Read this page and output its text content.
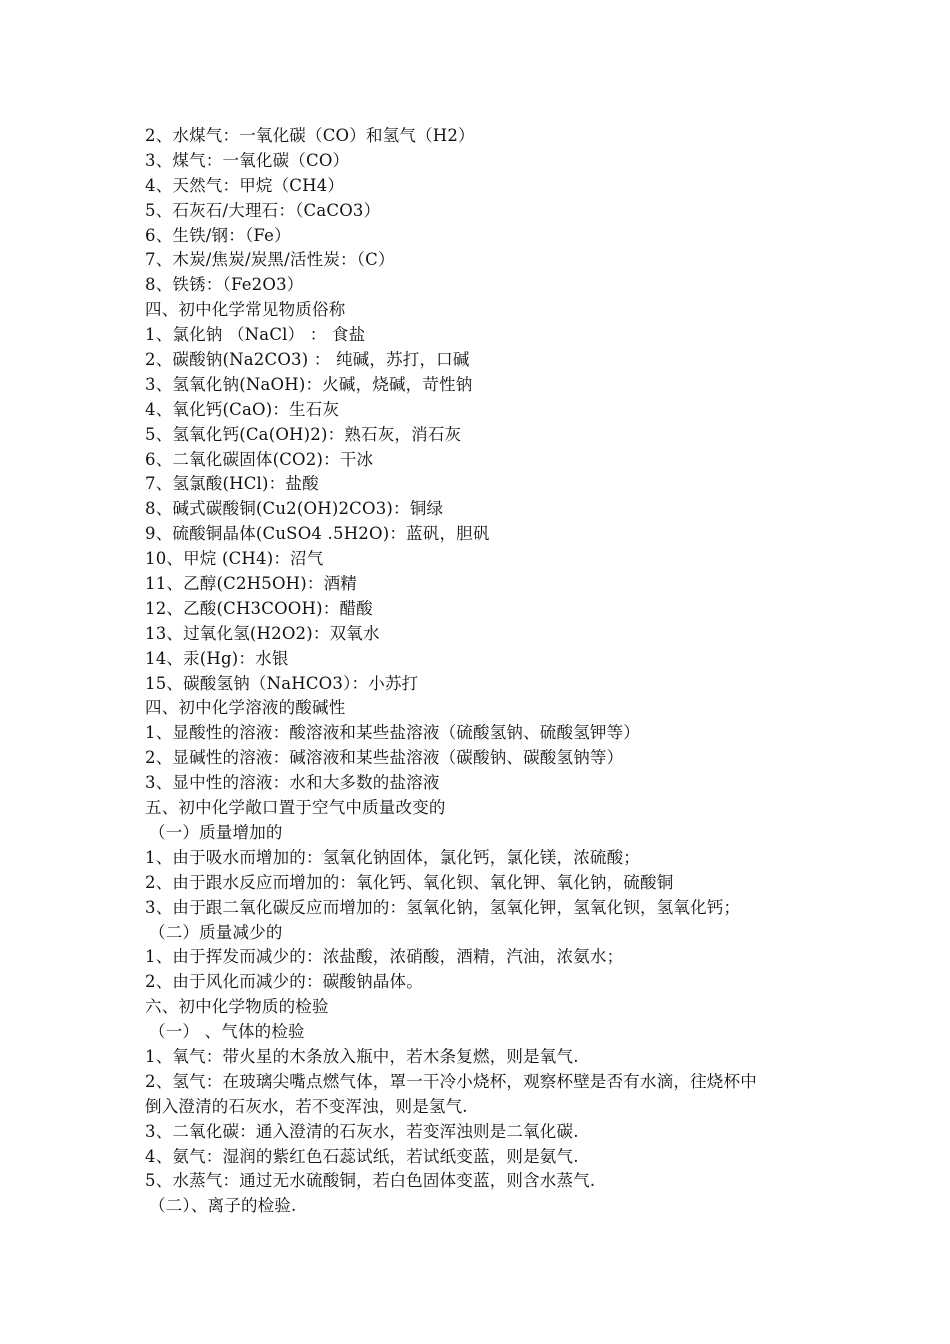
2、水煤气：一氧化碳（CO）和氢气（H2）
3、煤气：一氧化碳（CO）
4、天然气：甲烷（CH4）
5、石灰石/大理石：（CaCO3）
6、生铁/钢：（Fe）
7、木炭/焦炭/炭黑/活性炭：（C）
8、铁锈：（Fe2O3）
四、初中化学常见物质俗称
1、氯化钠 （NaCl） ： 食盐
2、碳酸钠(Na2CO3) ： 纯碱，苏打，口碱
3、氢氧化钠(NaOH)：火碱，烧碱，苛性钠
4、氧化钙(CaO)：生石灰
5、氢氧化钙(Ca(OH)2)：熟石灰，消石灰
6、二氧化碳固体(CO2)：干冰
7、氢氯酸(HCl)：盐酸
8、碱式碳酸铜(Cu2(OH)2CO3)：铜绿
9、硫酸铜晶体(CuSO4 .5H2O)：蓝矾，胆矾
10、甲烷 (CH4)：沼气
11、乙醇(C2H5OH)：酒精
12、乙酸(CH3COOH)：醋酸
13、过氧化氢(H2O2)：双氧水
14、汞(Hg)：水银
15、碳酸氢钠（NaHCO3）：小苏打
四、初中化学溶液的酸碱性
1、显酸性的溶液：酸溶液和某些盐溶液（硫酸氢钠、硫酸氢钾等）
2、显碱性的溶液：碱溶液和某些盐溶液（碳酸钠、碳酸氢钠等）
3、显中性的溶液：水和大多数的盐溶液
五、初中化学敞口置于空气中质量改变的
（一）质量增加的
1、由于吸水而增加的：氢氧化钠固体，氯化钙，氯化镁，浓硫酸；
2、由于跟水反应而增加的：氧化钙、氧化钡、氧化钾、氧化钠，硫酸铜
3、由于跟二氧化碳反应而增加的：氢氧化钠，氢氧化钾，氢氧化钡，氢氧化钙；
（二）质量减少的
1、由于挥发而减少的：浓盐酸，浓硝酸，酒精，汽油，浓氨水；
2、由于风化而减少的：碳酸钠晶体。
六、初中化学物质的检验
（一） 、气体的检验
1、氧气：带火星的木条放入瓶中，若木条复燃，则是氧气.
2、氢气：在玻璃尖嘴点燃气体，罩一干冷小烧杯，观察杯壁是否有水滴，往烧杯中
倒入澄清的石灰水，若不变浑浊，则是氢气.
3、二氧化碳：通入澄清的石灰水，若变浑浊则是二氧化碳.
4、氨气：湿润的紫红色石蕊试纸，若试纸变蓝，则是氨气.
5、水蒸气：通过无水硫酸铜，若白色固体变蓝，则含水蒸气.
（二）、离子的检验.
